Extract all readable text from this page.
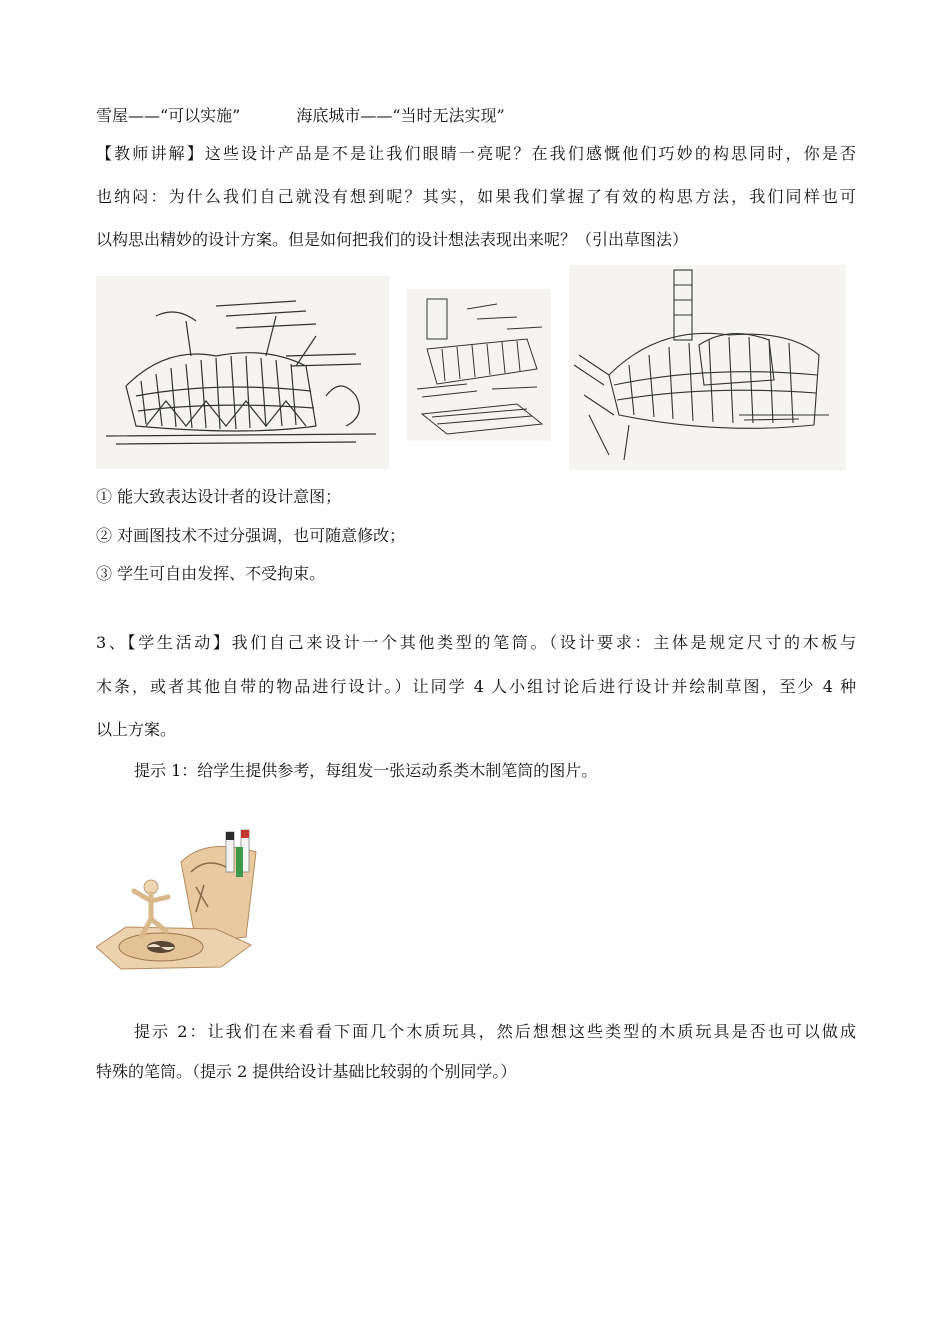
雪屋——“可以实施”	海底城市——“当时无法实现”
【教师讲解】这些设计产品是不是让我们眼睛一亮呢？在我们感慨他们巧妙的构思同时，你是否
也纳闷：为什么我们自己就没有想到呢？其实，如果我们掌握了有效的构思方法，我们同样也可
以构思出精妙的设计方案。但是如何把我们的设计想法表现出来呢？（引出草图法）
① 能大致表达设计者的设计意图；
② 对画图技术不过分强调，也可随意修改；
③ 学生可自由发挥、不受拘束。
3、【学生活动】我们自己来设计一个其他类型的笔筒。（设计要求：主体是规定尺寸的木板与
木条，或者其他自带的物品进行设计。）让同学 4 人小组讨论后进行设计并绘制草图，至少 4 种
以上方案。
提示 1：给学生提供参考，每组发一张运动系类木制笔筒的图片。
提示 2：让我们在来看看下面几个木质玩具，然后想想这些类型的木质玩具是否也可以做成
特殊的笔筒。（提示 2 提供给设计基础比较弱的个别同学。）
